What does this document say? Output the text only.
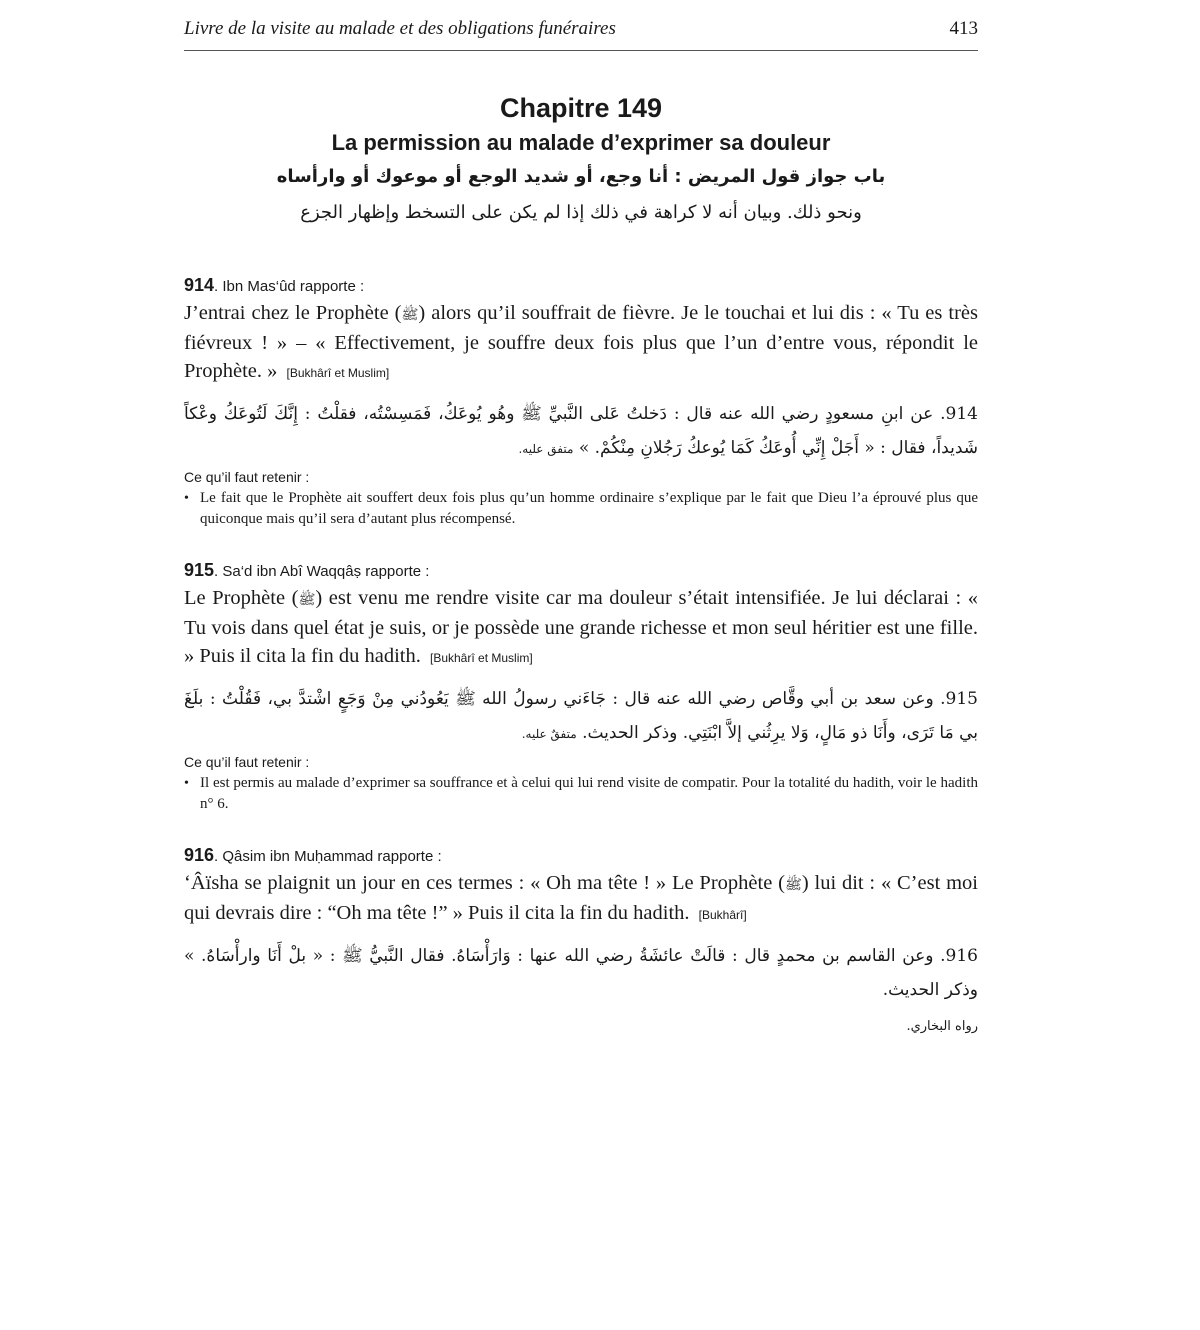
Livre de la visite au malade et des obligations funéraires	413
Chapitre 149
La permission au malade d’exprimer sa douleur
باب جواز قول المريض : أنا وجع، أو شديد الوجع أو موعوك أو وارأساه
ونحو ذلك. وبيان أنه لا كراهة في ذلك إذا لم يكن على التسخط وإظهار الجزع
914. Ibn Mas‘ûd rapporte :
J’entrai chez le Prophète (ﷺ) alors qu’il souffrait de fièvre. Je le touchai et lui dis : « Tu es très fiévreux ! » – « Effectivement, je souffre deux fois plus que l’un d’entre vous, répondit le Prophète. » [Bukhârî et Muslim]
914. عن ابنِ مسعودٍ رضي الله عنه قال : دَخلتُ عَلى النَّبيِّ ﷺ وهُو يُوعَكُ، فَمَسِسْتُه، فقلْتُ : إِنَّكَ لَتُوعَكُ وعْكاً شَديداً، فقال : « أَجَلْ إِنِّي أُوعَكُ كَمَا يُوعكُ رَجُلانِ مِنْكُمْ. » متفق عليه.
Ce qu’il faut retenir :
• Le fait que le Prophète ait souffert deux fois plus qu’un homme ordinaire s’explique par le fait que Dieu l’a éprouvé plus que quiconque mais qu’il sera d’autant plus récompensé.
915. Sa‘d ibn Abî Waqqâṣ rapporte :
Le Prophète (ﷺ) est venu me rendre visite car ma douleur s’était intensifiée. Je lui déclarai : « Tu vois dans quel état je suis, or je possède une grande richesse et mon seul héritier est une fille. » Puis il cita la fin du hadith. [Bukhârî et Muslim]
915. وعن سعد بن أبي وقَّاص رضي الله عنه قال : جَاءَني رسولُ الله ﷺ يَعُودُني مِنْ وَجَعٍ اشْتدَّ بي، فَقُلْتُ : بلَغَ بي مَا تَرَى، وأَنَا ذو مَالٍ، وَلا يرِثُني إلاَّ ابْنَتِي. وذكر الحديث. متفقٌ عليه.
Ce qu’il faut retenir :
• Il est permis au malade d’exprimer sa souffrance et à celui qui lui rend visite de compatir. Pour la totalité du hadith, voir le hadith n° 6.
916. Qâsim ibn Muḥammad rapporte :
‘Âïsha se plaignit un jour en ces termes : « Oh ma tête ! » Le Prophète (ﷺ) lui dit : « C’est moi qui devrais dire : “Oh ma tête !” » Puis il cita la fin du hadith. [Bukhârî]
916. وعن القاسم بن محمدٍ قال : قالَتْ عائشَةُ رضي الله عنها : وَارَأْسَاهُ. فقال النَّبيُّ ﷺ : « بلْ أَنَا وارأْسَاهُ. » وذكر الحديث.
رواه البخاري.
